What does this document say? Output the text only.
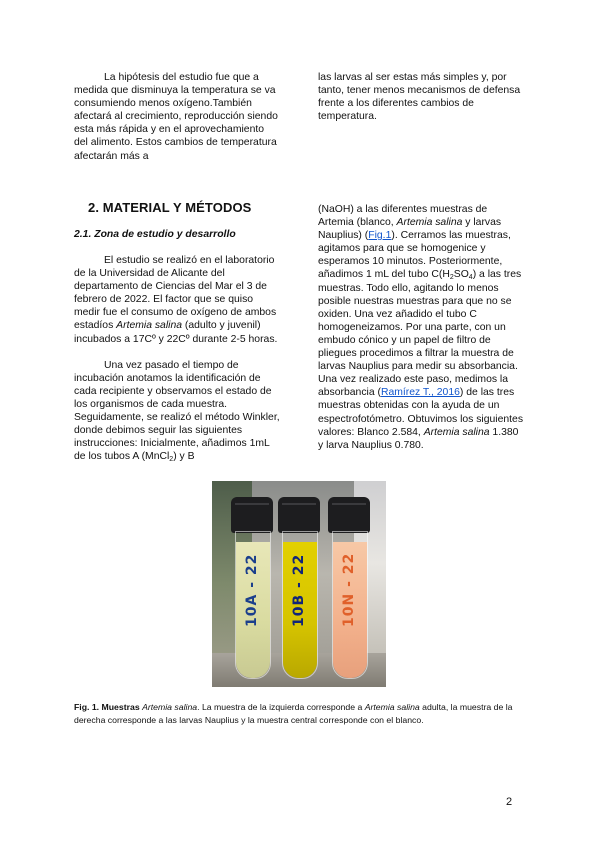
La hipótesis del estudio fue que a medida que disminuya la temperatura se va consumiendo menos oxígeno.También afectará al crecimiento, reproducción siendo esta más rápida y en el aprovechamiento del alimento. Estos cambios de temperatura afectarán más a

las larvas al ser estas más simples y, por tanto, tener menos mecanismos de defensa frente a los diferentes cambios de temperatura.

2. MATERIAL Y MÉTODOS
2.1. Zona de estudio y desarrollo

El estudio se realizó en el laboratorio de la Universidad de Alicante del departamento de Ciencias del Mar el 3 de febrero de 2022. El factor que se quiso medir fue el consumo de oxígeno de ambos estadíos Artemia salina (adulto y juvenil) incubados a 17Cº y 22Cº durante 2-5 horas.

Una vez pasado el tiempo de incubación anotamos la identificación de cada recipiente y observamos el estado de los organismos de cada muestra. Seguidamente, se realizó el método Winkler, donde debimos seguir las siguientes instrucciones: Inicialmente, añadimos 1mL de los tubos A (MnCl$_2$) y B

(NaOH) a las diferentes muestras de Artemia (blanco, Artemia salina y larvas Nauplius) (Fig.1). Cerramos las muestras, agitamos para que se homogenice y esperamos 10 minutos. Posteriormente, añadimos 1 mL del tubo $C(H_2SO_4)$ a las tres muestras. Todo ello, agitando lo menos posible nuestras muestras para que no se oxiden. Una vez añadido el tubo C homogeneizamos. Por una parte, con un embudo cónico y un papel de filtro de pliegues procedimos a filtrar la muestra de larvas Nauplius para medir su absorbancia. Una vez realizado este paso, medimos la absorbancia (Ramírez T., 2016) de las tres muestras obtenidas con la ayuda de un espectrofotómetro. Obtuvimos los siguientes valores: Blanco 2.584, Artemia salina 1.380 y larva Nauplius 0.780.

10A - 22 10B - 22 10N - 22

Fig. 1. Muestras Artemia salina. La muestra de la izquierda corresponde a Artemia salina adulta, la muestra de la derecha corresponde a las larvas Nauplius y la muestra central corresponde con el blanco.

2
